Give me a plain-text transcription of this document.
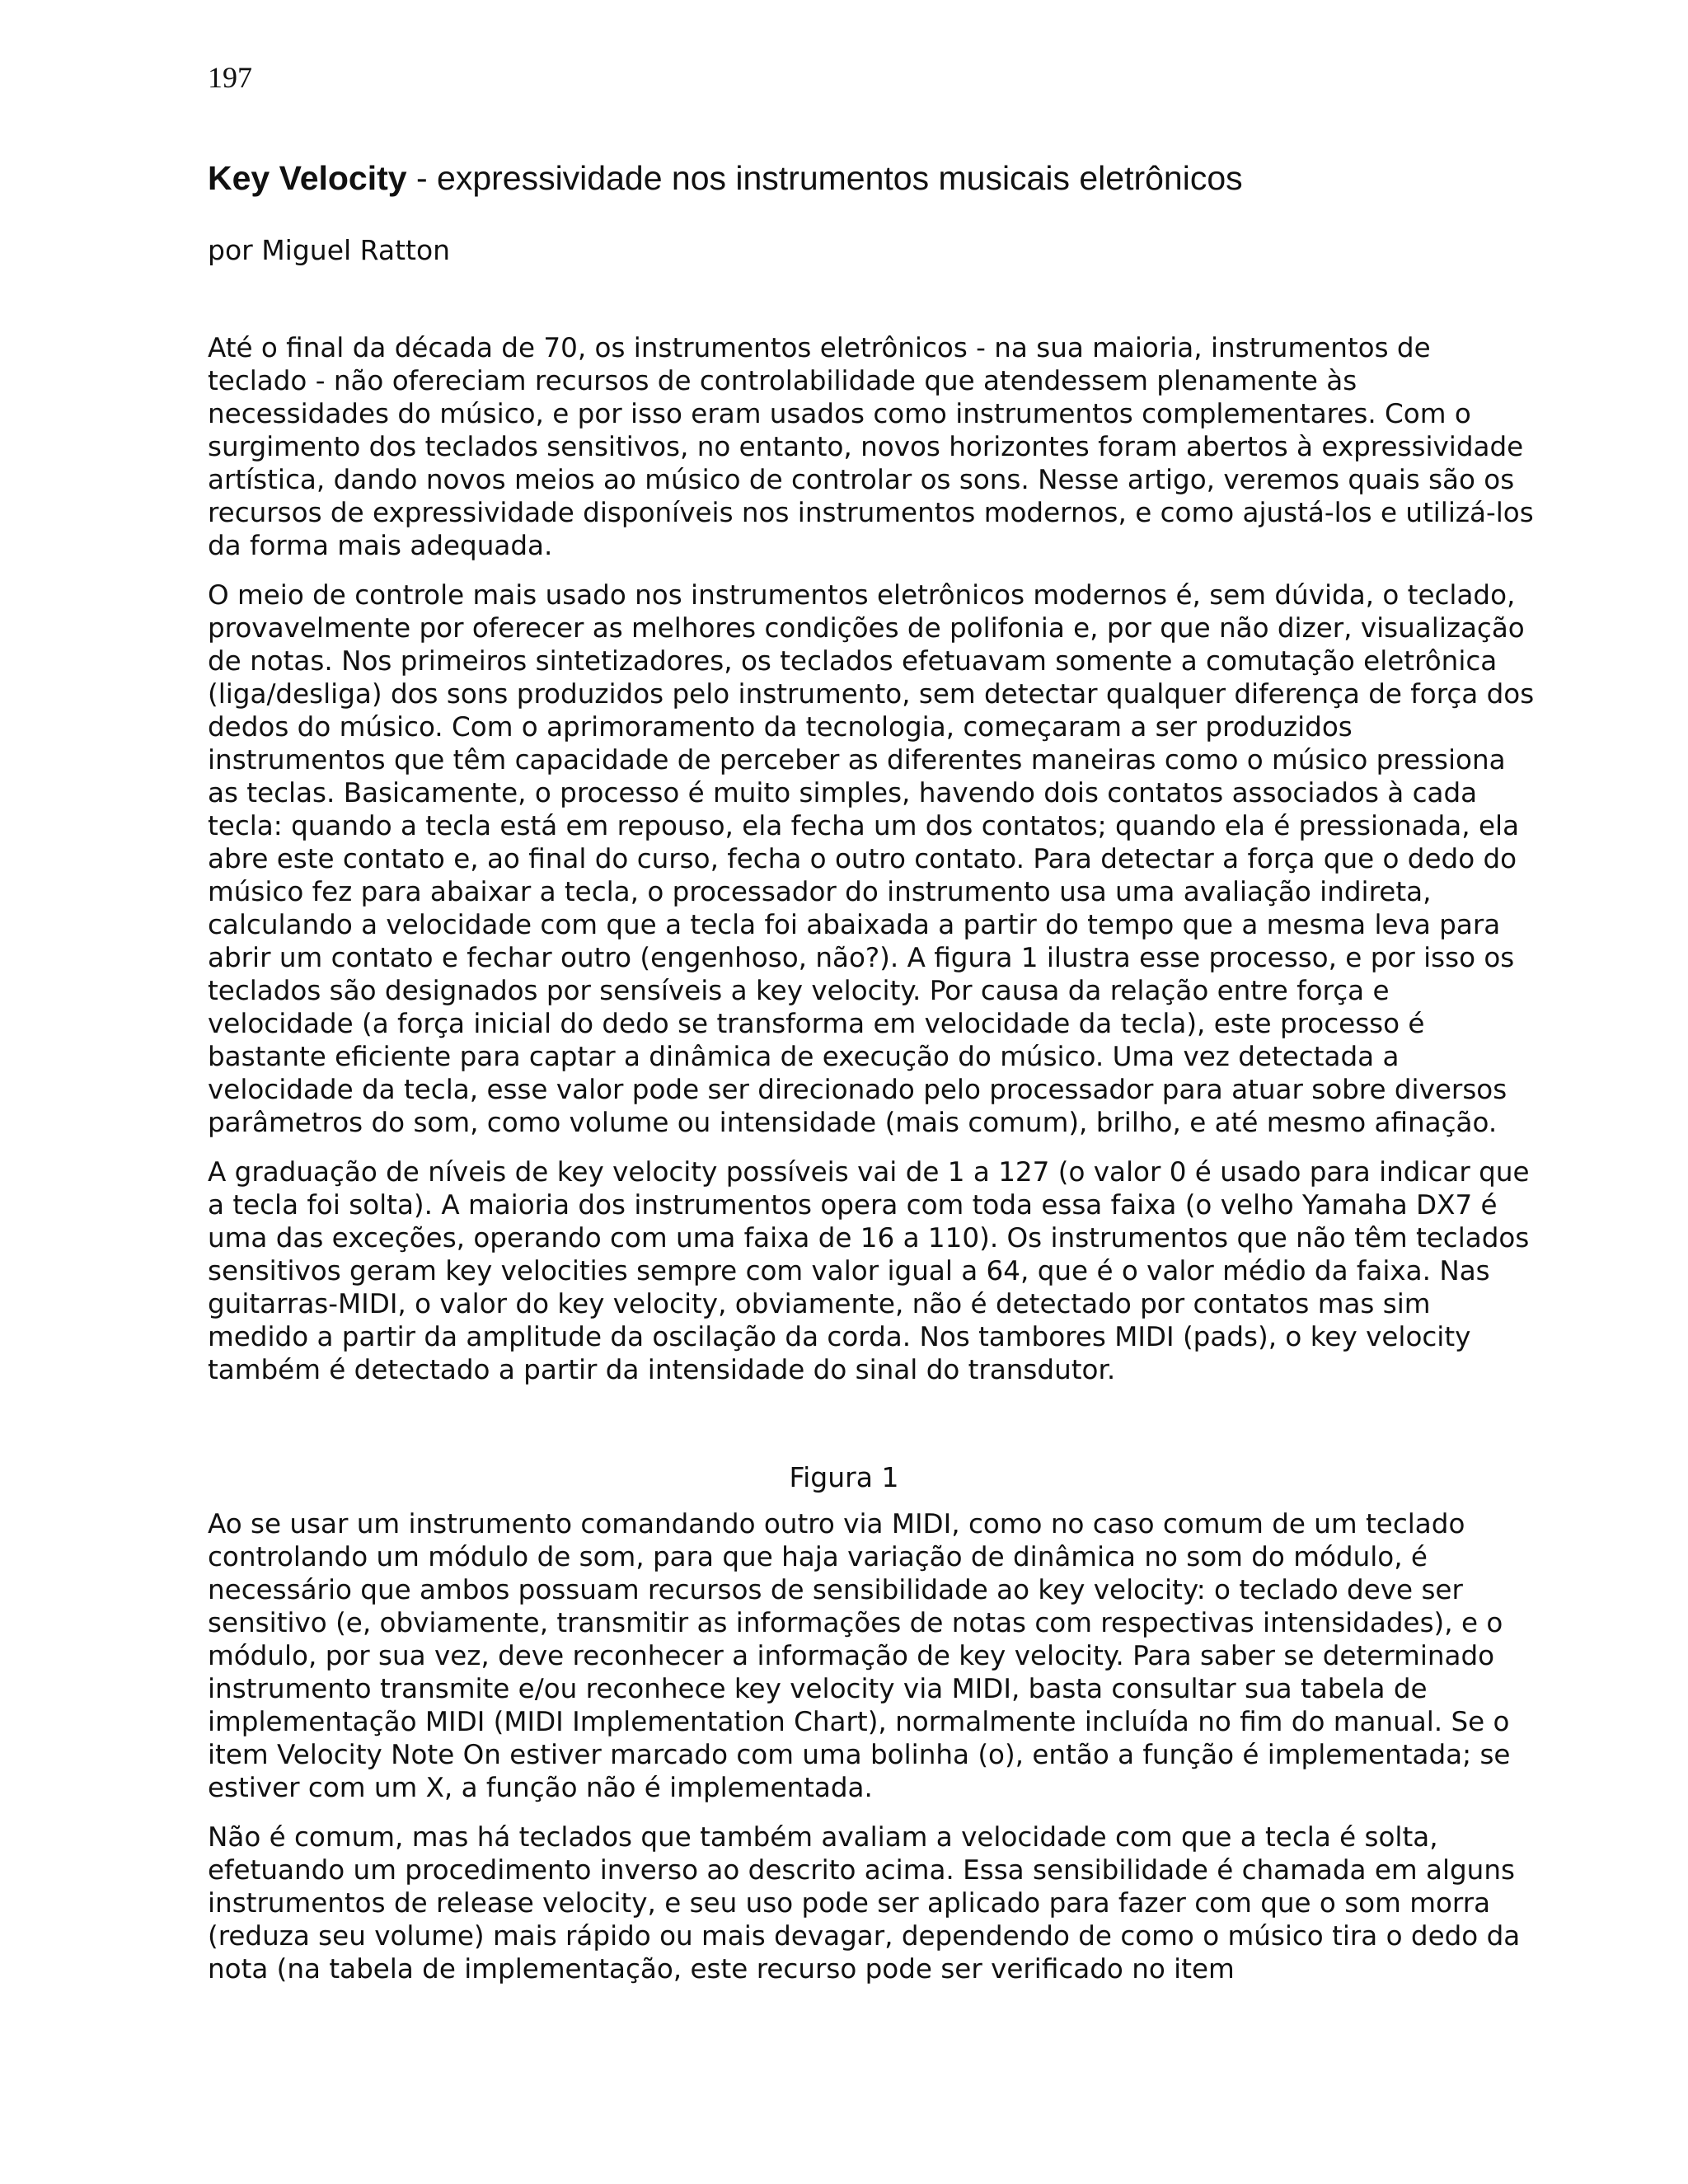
197
Key Velocity - expressividade nos instrumentos musicais eletrônicos
por Miguel Ratton

Até o final da década de 70, os instrumentos eletrônicos - na sua maioria, instrumentos de teclado - não ofereciam recursos de controlabilidade que atendessem plenamente às necessidades do músico, e por isso eram usados como instrumentos complementares. Com o surgimento dos teclados sensitivos, no entanto, novos horizontes foram abertos à expressividade artística, dando novos meios ao músico de controlar os sons. Nesse artigo, veremos quais são os recursos de expressividade disponíveis nos instrumentos modernos, e como ajustá-los e utilizá-los da forma mais adequada.

O meio de controle mais usado nos instrumentos eletrônicos modernos é, sem dúvida, o teclado, provavelmente por oferecer as melhores condições de polifonia e, por que não dizer, visualização de notas. Nos primeiros sintetizadores, os teclados efetuavam somente a comutação eletrônica (liga/desliga) dos sons produzidos pelo instrumento, sem detectar qualquer diferença de força dos dedos do músico. Com o aprimoramento da tecnologia, começaram a ser produzidos instrumentos que têm capacidade de perceber as diferentes maneiras como o músico pressiona as teclas. Basicamente, o processo é muito simples, havendo dois contatos associados à cada tecla: quando a tecla está em repouso, ela fecha um dos contatos; quando ela é pressionada, ela abre este contato e, ao final do curso, fecha o outro contato. Para detectar a força que o dedo do músico fez para abaixar a tecla, o processador do instrumento usa uma avaliação indireta, calculando a velocidade com que a tecla foi abaixada a partir do tempo que a mesma leva para abrir um contato e fechar outro (engenhoso, não?). A figura 1 ilustra esse processo, e por isso os teclados são designados por sensíveis a key velocity. Por causa da relação entre força e velocidade (a força inicial do dedo se transforma em velocidade da tecla), este processo é bastante eficiente para captar a dinâmica de execução do músico. Uma vez detectada a velocidade da tecla, esse valor pode ser direcionado pelo processador para atuar sobre diversos parâmetros do som, como volume ou intensidade (mais comum), brilho, e até mesmo afinação.

A graduação de níveis de key velocity possíveis vai de 1 a 127 (o valor 0 é usado para indicar que a tecla foi solta). A maioria dos instrumentos opera com toda essa faixa (o velho Yamaha DX7 é uma das exceções, operando com uma faixa de 16 a 110). Os instrumentos que não têm teclados sensitivos geram key velocities sempre com valor igual a 64, que é o valor médio da faixa. Nas guitarras-MIDI, o valor do key velocity, obviamente, não é detectado por contatos mas sim medido a partir da amplitude da oscilação da corda. Nos tambores MIDI (pads), o key velocity também é detectado a partir da intensidade do sinal do transdutor.

Figura 1

Ao se usar um instrumento comandando outro via MIDI, como no caso comum de um teclado controlando um módulo de som, para que haja variação de dinâmica no som do módulo, é necessário que ambos possuam recursos de sensibilidade ao key velocity: o teclado deve ser sensitivo (e, obviamente, transmitir as informações de notas com respectivas intensidades), e o módulo, por sua vez, deve reconhecer a informação de key velocity. Para saber se determinado instrumento transmite e/ou reconhece key velocity via MIDI, basta consultar sua tabela de implementação MIDI (MIDI Implementation Chart), normalmente incluída no fim do manual. Se o item Velocity Note On estiver marcado com uma bolinha (o), então a função é implementada; se estiver com um X, a função não é implementada.

Não é comum, mas há teclados que também avaliam a velocidade com que a tecla é solta, efetuando um procedimento inverso ao descrito acima. Essa sensibilidade é chamada em alguns instrumentos de release velocity, e seu uso pode ser aplicado para fazer com que o som morra (reduza seu volume) mais rápido ou mais devagar, dependendo de como o músico tira o dedo da nota (na tabela de implementação, este recurso pode ser verificado no item
